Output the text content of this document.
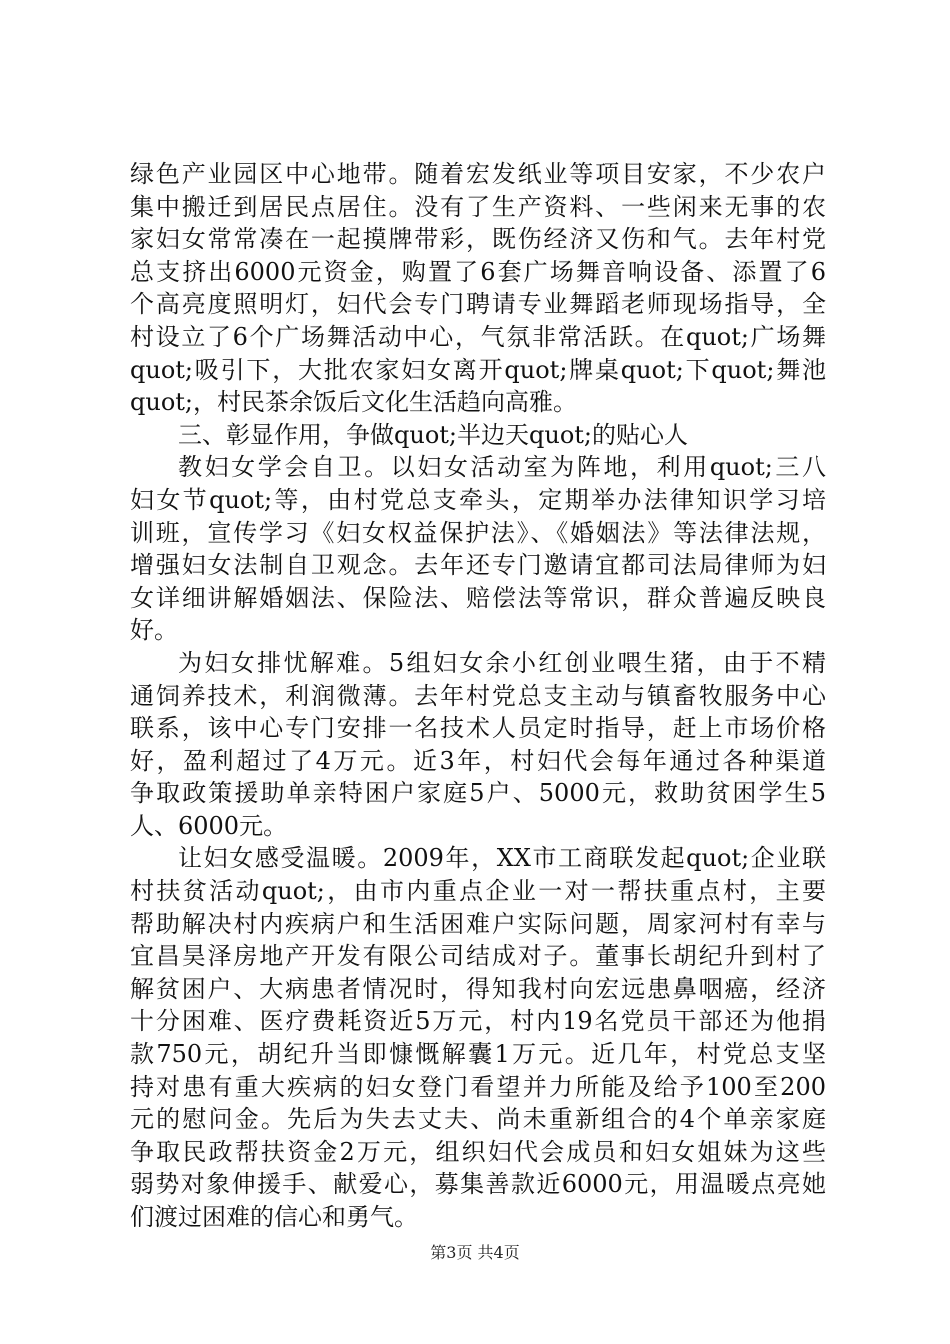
绿色产业园区中心地带。随着宏发纸业等项目安家，不少农户
集中搬迁到居民点居住。没有了生产资料、一些闲来无事的农
家妇女常常凑在一起摸牌带彩，既伤经济又伤和气。去年村党
总支挤出6000元资金，购置了6套广场舞音响设备、添置了6
个高亮度照明灯，妇代会专门聘请专业舞蹈老师现场指导，全
村设立了6个广场舞活动中心，气氛非常活跃。在quot;广场舞
quot;吸引下，大批农家妇女离开quot;牌桌quot;下quot;舞池
quot;，村民茶余饭后文化生活趋向高雅。
三、彰显作用，争做quot;半边天quot;的贴心人
教妇女学会自卫。以妇女活动室为阵地，利用quot;三八
妇女节quot;等，由村党总支牵头，定期举办法律知识学习培
训班，宣传学习《妇女权益保护法》、《婚姻法》等法律法规，
增强妇女法制自卫观念。去年还专门邀请宜都司法局律师为妇
女详细讲解婚姻法、保险法、赔偿法等常识，群众普遍反映良
好。
为妇女排忧解难。5组妇女余小红创业喂生猪，由于不精
通饲养技术，利润微薄。去年村党总支主动与镇畜牧服务中心
联系，该中心专门安排一名技术人员定时指导，赶上市场价格
好，盈利超过了4万元。近3年，村妇代会每年通过各种渠道
争取政策援助单亲特困户家庭5户、5000元，救助贫困学生5
人、6000元。
让妇女感受温暖。2009年，XX市工商联发起quot;企业联
村扶贫活动quot;，由市内重点企业一对一帮扶重点村，主要
帮助解决村内疾病户和生活困难户实际问题，周家河村有幸与
宜昌昊泽房地产开发有限公司结成对子。董事长胡纪升到村了
解贫困户、大病患者情况时，得知我村向宏远患鼻咽癌，经济
十分困难、医疗费耗资近5万元，村内19名党员干部还为他捐
款750元，胡纪升当即慷慨解囊1万元。近几年，村党总支坚
持对患有重大疾病的妇女登门看望并力所能及给予100至200
元的慰问金。先后为失去丈夫、尚未重新组合的4个单亲家庭
争取民政帮扶资金2万元，组织妇代会成员和妇女姐妹为这些
弱势对象伸援手、献爱心，募集善款近6000元，用温暖点亮她
们渡过困难的信心和勇气。
第3页 共4页
